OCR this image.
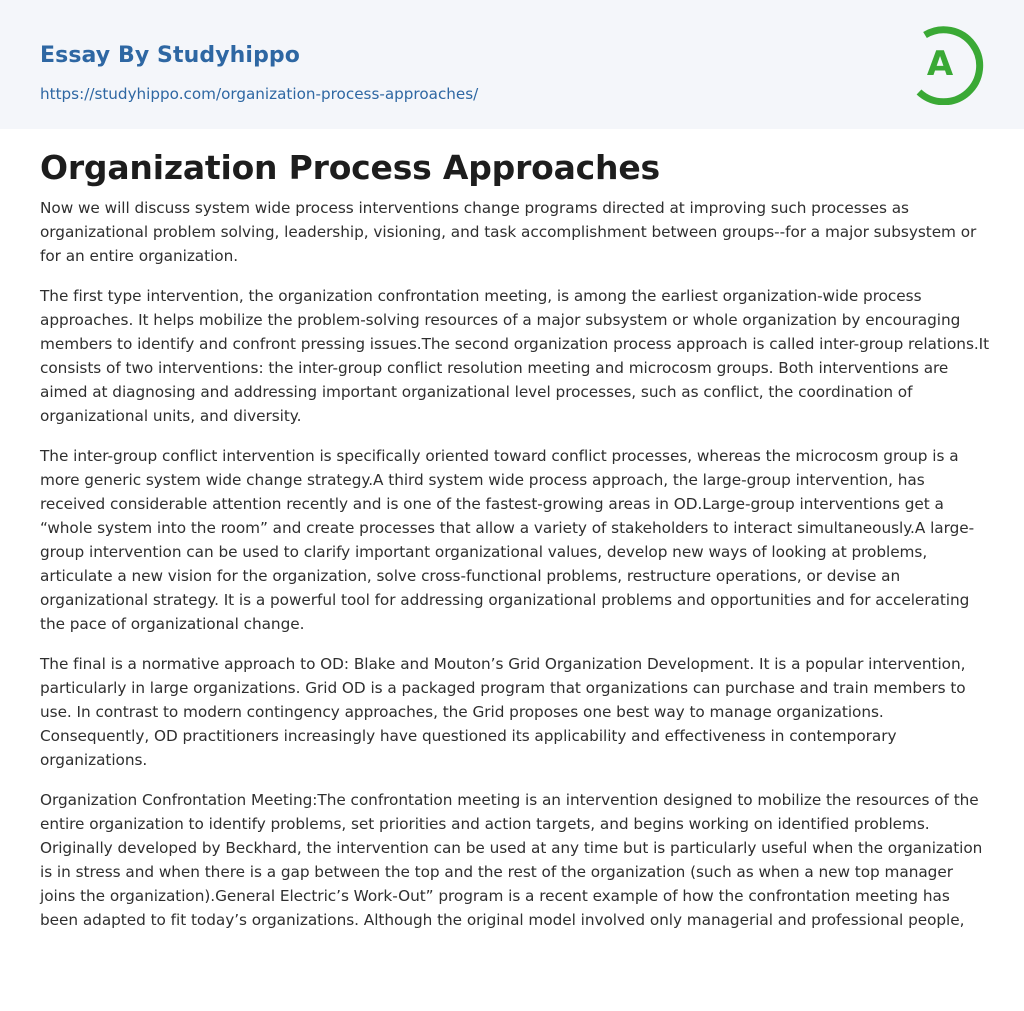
Essay By Studyhippo
https://studyhippo.com/organization-process-approaches/
A
Organization Process Approaches

Now we will discuss system wide process interventions change programs directed at improving such processes as organizational problem solving, leadership, visioning, and task accomplishment between groups--for a major subsystem or for an entire organization.

The first type intervention, the organization confrontation meeting, is among the earliest organization-wide process approaches. It helps mobilize the problem-solving resources of a major subsystem or whole organization by encouraging members to identify and confront pressing issues.The second organization process approach is called inter-group relations.It consists of two interventions: the inter-group conflict resolution meeting and microcosm groups. Both interventions are aimed at diagnosing and addressing important organizational level processes, such as conflict, the coordination of organizational units, and diversity.

The inter-group conflict intervention is specifically oriented toward conflict processes, whereas the microcosm group is a more generic system wide change strategy.A third system wide process approach, the large-group intervention, has received considerable attention recently and is one of the fastest-growing areas in OD.Large-group interventions get a “whole system into the room” and create processes that allow a variety of stakeholders to interact simultaneously.A large-group intervention can be used to clarify important organizational values, develop new ways of looking at problems, articulate a new vision for the organization, solve cross-functional problems, restructure operations, or devise an organizational strategy. It is a powerful tool for addressing organizational problems and opportunities and for accelerating the pace of organizational change.

The final is a normative approach to OD: Blake and Mouton’s Grid Organization Development. It is a popular intervention, particularly in large organizations. Grid OD is a packaged program that organizations can purchase and train members to use. In contrast to modern contingency approaches, the Grid proposes one best way to manage organizations. Consequently, OD practitioners increasingly have questioned its applicability and effectiveness in contemporary organizations.

Organization Confrontation Meeting:The confrontation meeting is an intervention designed to mobilize the resources of the entire organization to identify problems, set priorities and action targets, and begins working on identified problems. Originally developed by Beckhard, the intervention can be used at any time but is particularly useful when the organization is in stress and when there is a gap between the top and the rest of the organization (such as when a new top manager joins the organization).General Electric’s Work-Out” program is a recent example of how the confrontation meeting has been adapted to fit today’s organizations. Although the original model involved only managerial and professional people,
